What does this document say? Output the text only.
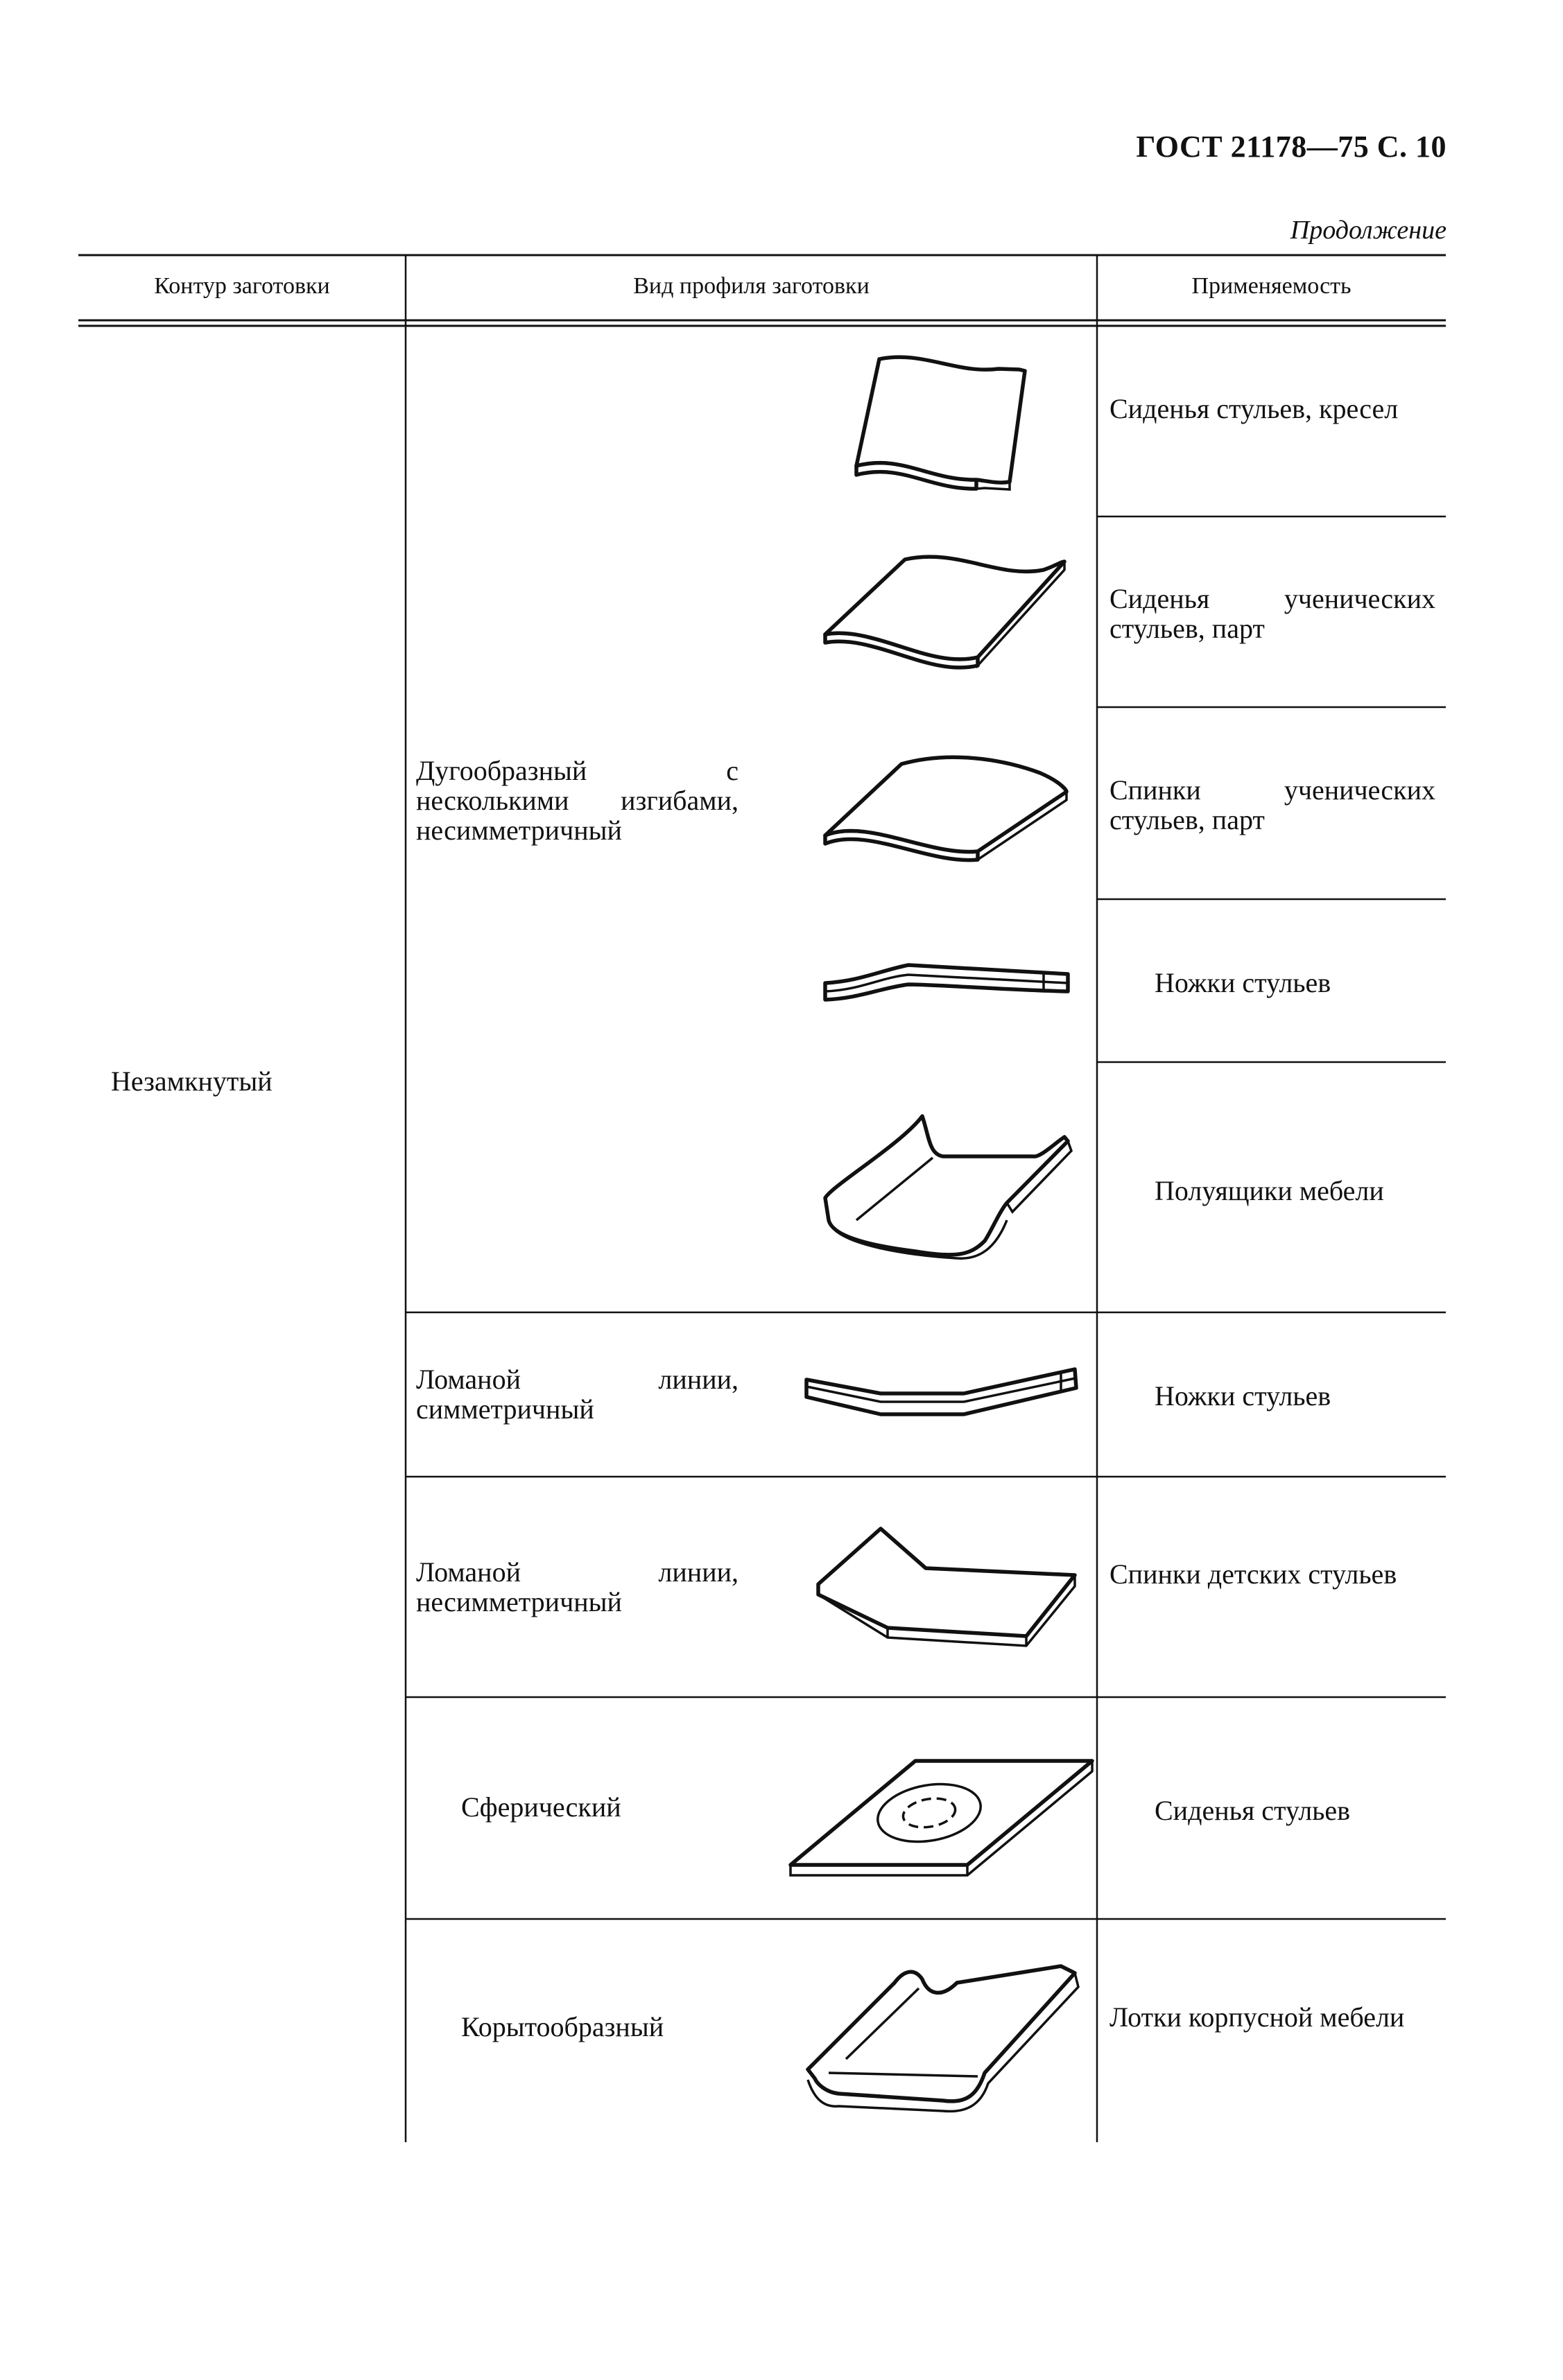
ГОСТ 21178—75 С. 10
Продолжение
Контур заготовки	Вид профиля заготовки	Применяемость
Незамкнутый
Дугообразный с несколькими изгибами, несимметричный
Ломаной линии, симметричный
Ломаной линии, несимметричный
Сферический
Корытообразный
Сиденья стульев, кресел
Сиденья ученических стульев, парт
Спинки ученических стульев, парт
Ножки стульев
Полуящики мебели
Ножки стульев
Спинки детских стульев
Сиденья стульев
Лотки корпусной мебели
